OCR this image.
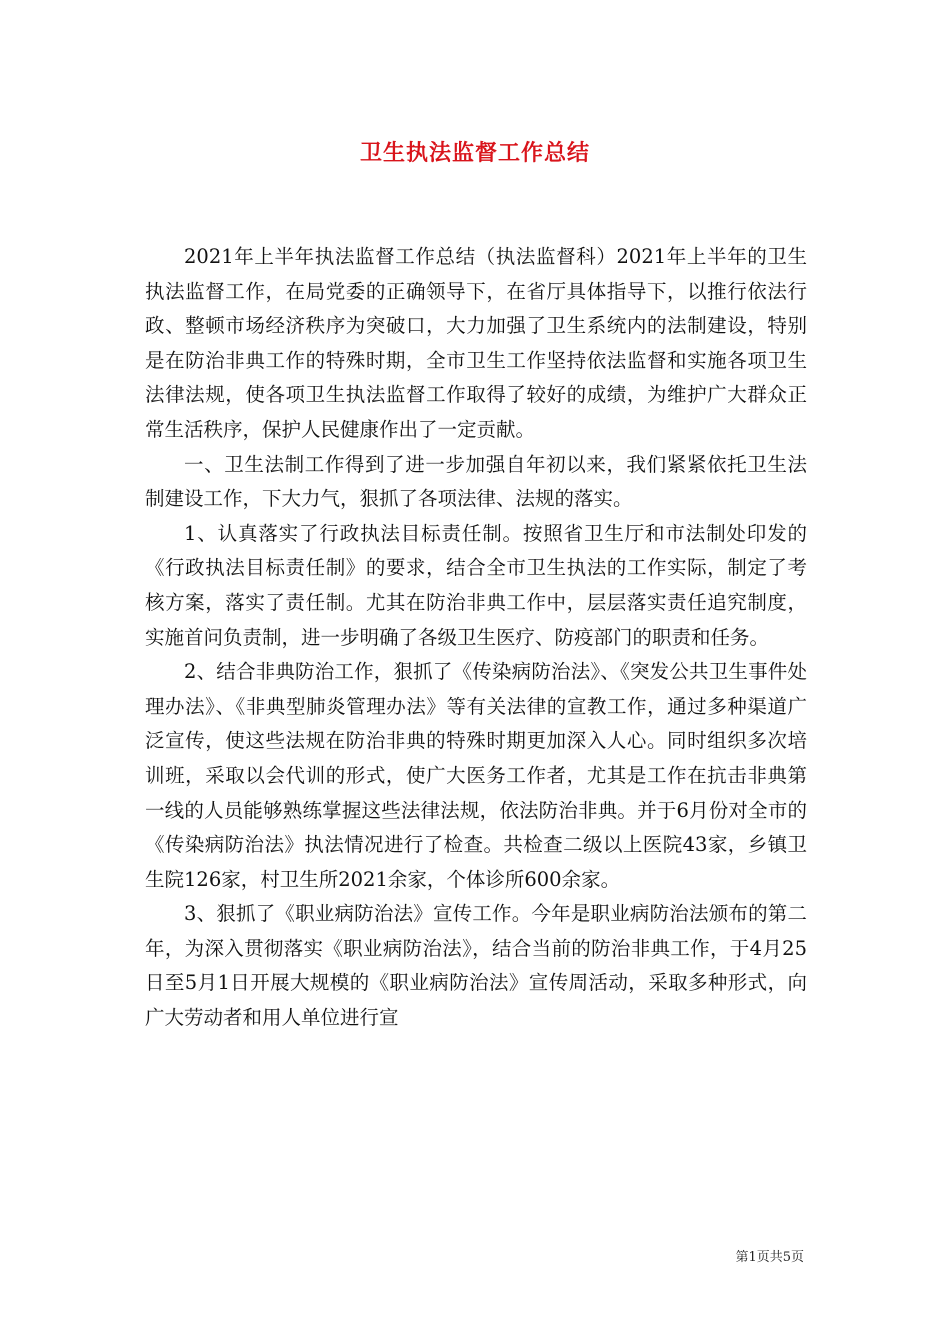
卫生执法监督工作总结

2021年上半年执法监督工作总结（执法监督科）2021年上半年的卫生执法监督工作，在局党委的正确领导下，在省厅具体指导下，以推行依法行政、整顿市场经济秩序为突破口，大力加强了卫生系统内的法制建设，特别是在防治非典工作的特殊时期，全市卫生工作坚持依法监督和实施各项卫生法律法规，使各项卫生执法监督工作取得了较好的成绩，为维护广大群众正常生活秩序，保护人民健康作出了一定贡献。

一、卫生法制工作得到了进一步加强自年初以来，我们紧紧依托卫生法制建设工作，下大力气，狠抓了各项法律、法规的落实。

1、认真落实了行政执法目标责任制。按照省卫生厅和市法制处印发的《行政执法目标责任制》的要求，结合全市卫生执法的工作实际，制定了考核方案，落实了责任制。尤其在防治非典工作中，层层落实责任追究制度，实施首问负责制，进一步明确了各级卫生医疗、防疫部门的职责和任务。

2、结合非典防治工作，狠抓了《传染病防治法》、《突发公共卫生事件处理办法》、《非典型肺炎管理办法》等有关法律的宣教工作，通过多种渠道广泛宣传，使这些法规在防治非典的特殊时期更加深入人心。同时组织多次培训班，采取以会代训的形式，使广大医务工作者，尤其是工作在抗击非典第一线的人员能够熟练掌握这些法律法规，依法防治非典。并于6月份对全市的《传染病防治法》执法情况进行了检查。共检查二级以上医院43家，乡镇卫生院126家，村卫生所2021余家，个体诊所600余家。

3、狠抓了《职业病防治法》宣传工作。今年是职业病防治法颁布的第二年，为深入贯彻落实《职业病防治法》，结合当前的防治非典工作，于4月25日至5月1日开展大规模的《职业病防治法》宣传周活动，采取多种形式，向广大劳动者和用人单位进行宣

第1页共5页
